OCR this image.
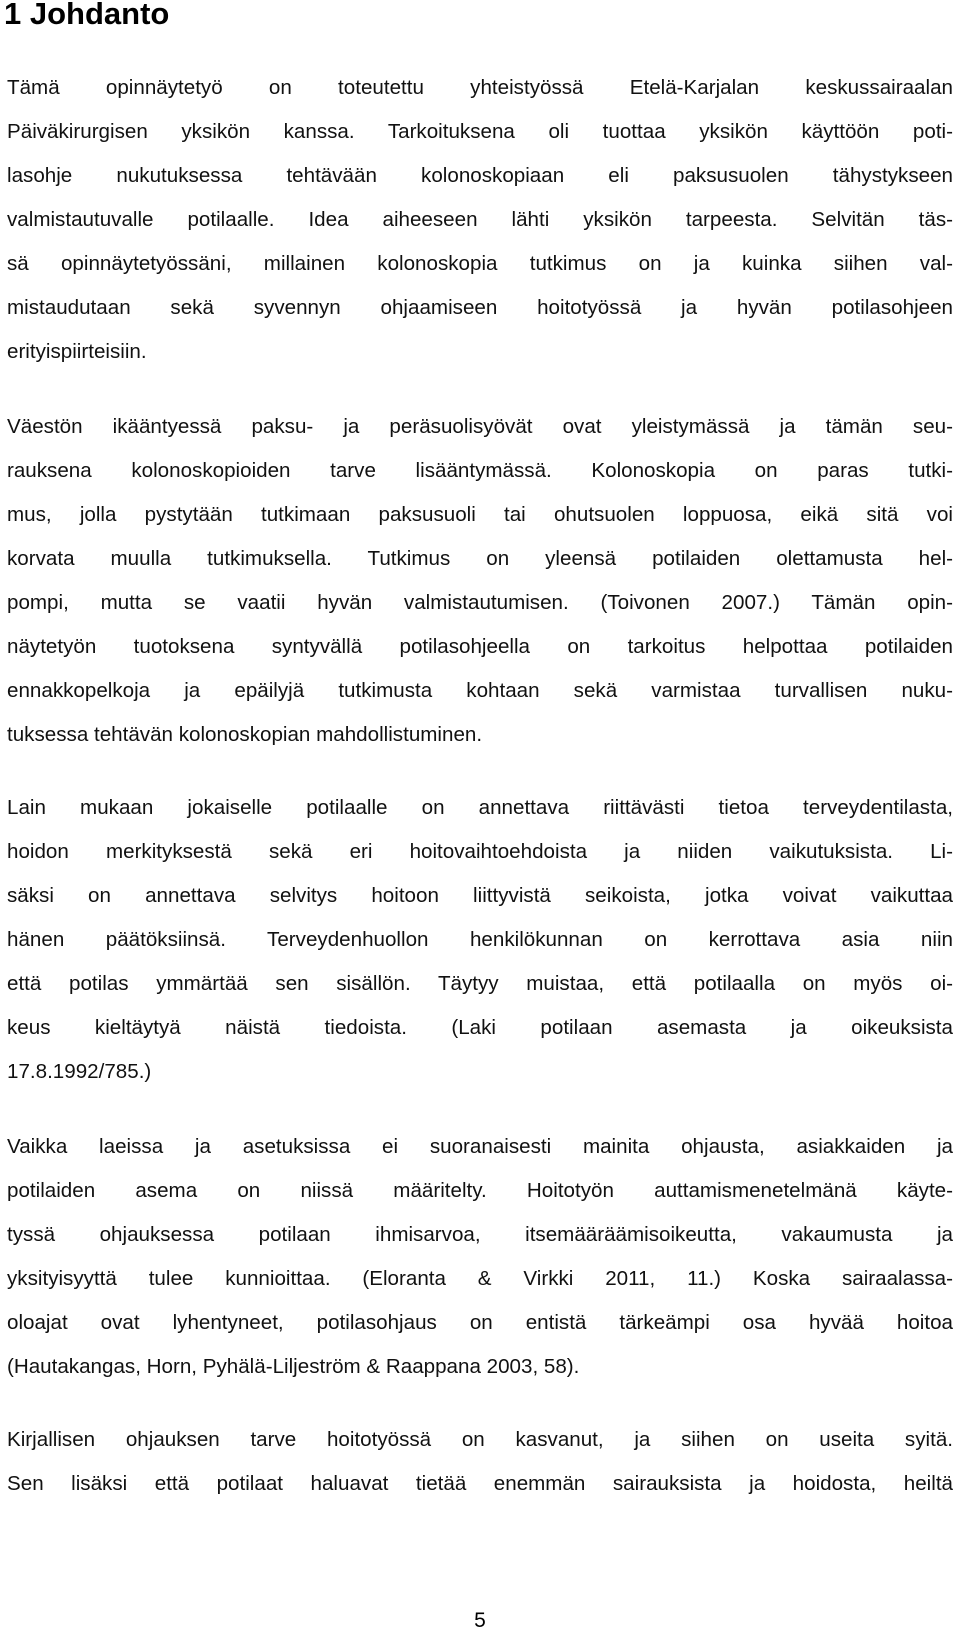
1 Johdanto
Tämä opinnäytetyö on toteutettu yhteistyössä Etelä-Karjalan keskussairaalan
Päiväkirurgisen yksikön kanssa. Tarkoituksena oli tuottaa yksikön käyttöön poti-
lasohje nukutuksessa tehtävään kolonoskopiaan eli paksusuolen tähystykseen
valmistautuvalle potilaalle. Idea aiheeseen lähti yksikön tarpeesta. Selvitän täs-
sä opinnäytetyössäni, millainen kolonoskopia tutkimus on ja kuinka siihen val-
mistaudutaan sekä syvennyn ohjaamiseen hoitotyössä ja hyvän potilasohjeen
erityispiirteisiin.
Väestön ikääntyessä paksu- ja peräsuolisyövät ovat yleistymässä ja tämän seu-
rauksena kolonoskopioiden tarve lisääntymässä. Kolonoskopia on paras tutki-
mus, jolla pystytään tutkimaan paksusuoli tai ohutsuolen loppuosa, eikä sitä voi
korvata muulla tutkimuksella. Tutkimus on yleensä potilaiden olettamusta hel-
pompi, mutta se vaatii hyvän valmistautumisen. (Toivonen 2007.) Tämän opin-
näytetyön tuotoksena syntyvällä potilasohjeella on tarkoitus helpottaa potilaiden
ennakkopelkoja ja epäilyjä tutkimusta kohtaan sekä varmistaa turvallisen nuku-
tuksessa tehtävän kolonoskopian mahdollistuminen.
Lain mukaan jokaiselle potilaalle on annettava riittävästi tietoa terveydentilasta,
hoidon merkityksestä sekä eri hoitovaihtoehdoista ja niiden vaikutuksista. Li-
säksi on annettava selvitys hoitoon liittyvistä seikoista, jotka voivat vaikuttaa
hänen päätöksiinsä. Terveydenhuollon henkilökunnan on kerrottava asia niin
että potilas ymmärtää sen sisällön. Täytyy muistaa, että potilaalla on myös oi-
keus kieltäytyä näistä tiedoista. (Laki potilaan asemasta ja oikeuksista
17.8.1992/785.)
Vaikka laeissa ja asetuksissa ei suoranaisesti mainita ohjausta, asiakkaiden ja
potilaiden asema on niissä määritelty. Hoitotyön auttamismenetelmänä käyte-
tyssä ohjauksessa potilaan ihmisarvoa, itsemääräämisoikeutta, vakaumusta ja
yksityisyyttä tulee kunnioittaa. (Eloranta & Virkki 2011, 11.) Koska sairaalassa-
oloajat ovat lyhentyneet, potilasohjaus on entistä tärkeämpi osa hyvää hoitoa
(Hautakangas, Horn, Pyhälä-Liljeström & Raappana 2003, 58).
Kirjallisen ohjauksen tarve hoitotyössä on kasvanut, ja siihen on useita syitä.
Sen lisäksi että potilaat haluavat tietää enemmän sairauksista ja hoidosta, heiltä
5
